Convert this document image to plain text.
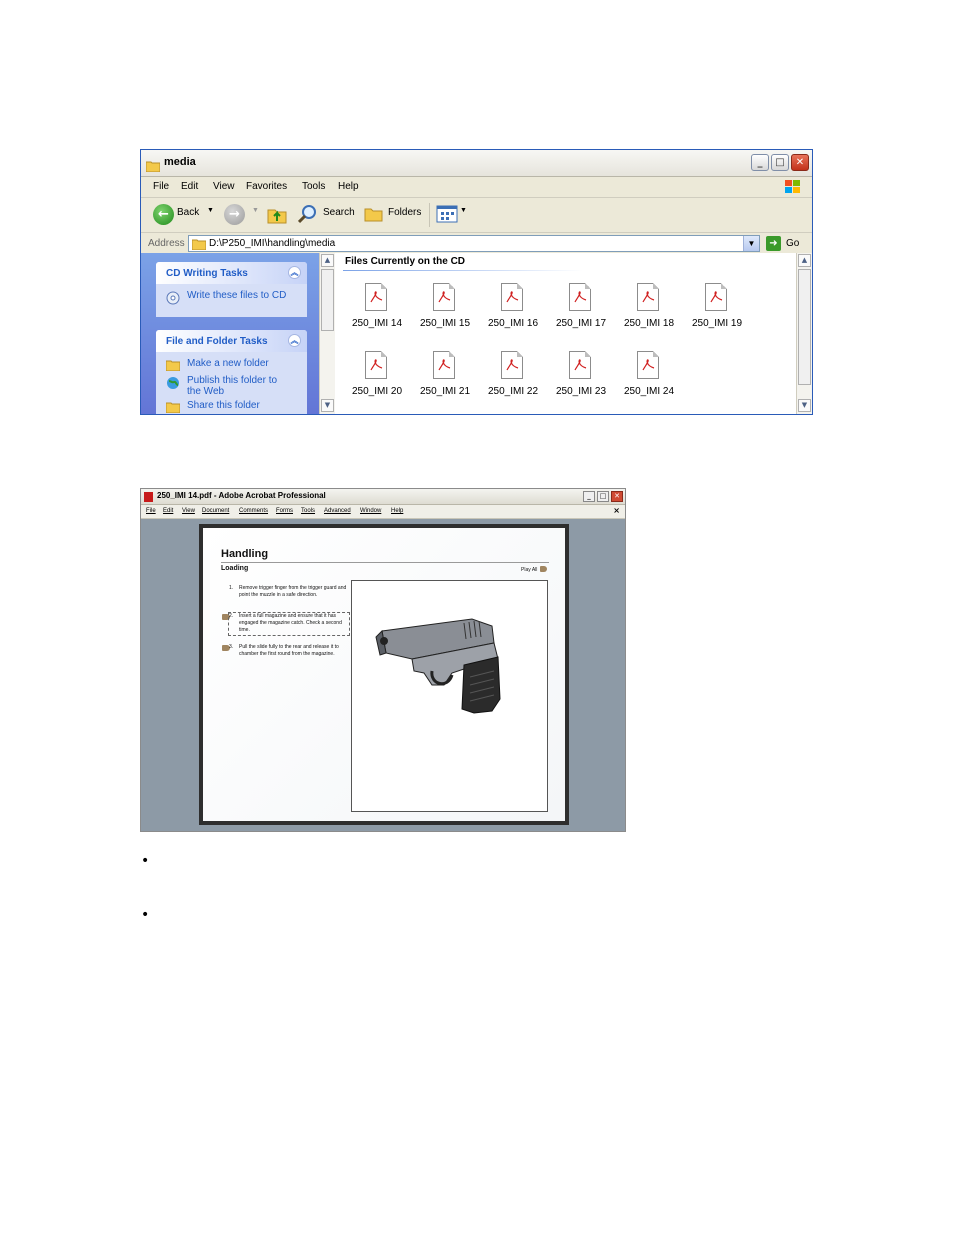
media	_	□	✕
File Edit View Favorites Tools Help
← Back ▼	→	▼	Search	Folders	▼
Address D:\P250_IMI\handling\media	▼	➜ Go
CD Writing Tasks	︽
Write these files to CD
File and Folder Tasks	︽
Make a new folder
Publish this folder to the Web
Share this folder
▲
▼
Files Currently on the CD
250_IMI 14	250_IMI 15	250_IMI 16	250_IMI 17	250_IMI 18	250_IMI 19
250_IMI 20	250_IMI 21	250_IMI 22	250_IMI 23	250_IMI 24
▲
▼
250_IMI 14.pdf - Adobe Acrobat Professional	_	□	✕
File Edit View Document Comments Forms Tools Advanced Window Help	×
Handling
Loading	Play All
1. Remove trigger finger from the trigger guard and point the muzzle in a safe direction.
2. Insert a full magazine and ensure that it has engaged the magazine catch. Check a second time.
3. Pull the slide fully to the rear and release it to chamber the first round from the magazine.
•
•
